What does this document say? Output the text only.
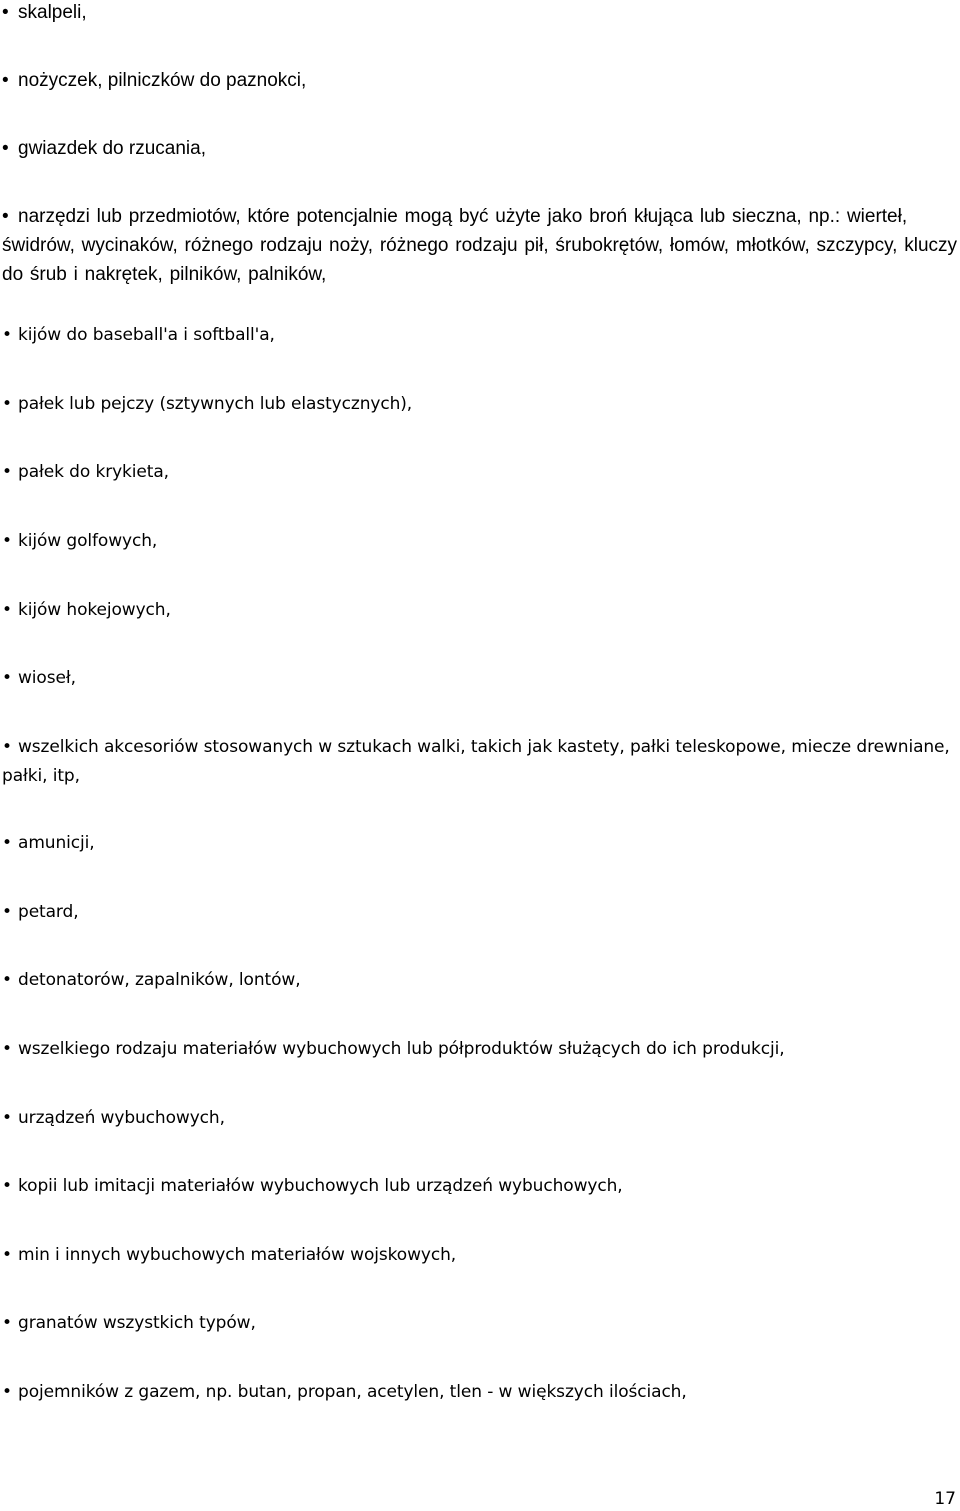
• skalpeli,
• nożyczek, pilniczków do paznokci,
• gwiazdek do rzucania,
• narzędzi lub przedmiotów, które potencjalnie mogą być użyte jako broń kłująca lub sieczna, np.: wierteł, świdrów, wycinaków, różnego rodzaju noży, różnego rodzaju pił, śrubokrętów, łomów, młotków, szczypcy, kluczy do śrub i nakrętek, pilników, palników,
• kijów do baseball'a i softball'a,
• pałek lub pejczy (sztywnych lub elastycznych),
• pałek do krykieta,
• kijów golfowych,
• kijów hokejowych,
• wioseł,
• wszelkich akcesoriów stosowanych w sztukach walki, takich jak kastety, pałki teleskopowe, miecze drewniane, pałki, itp,
• amunicji,
• petard,
• detonatorów, zapalników, lontów,
• wszelkiego rodzaju materiałów wybuchowych lub półproduktów służących do ich produkcji,
• urządzeń wybuchowych,
• kopii lub imitacji materiałów wybuchowych lub urządzeń wybuchowych,
• min i innych wybuchowych materiałów wojskowych,
• granatów wszystkich typów,
• pojemników z gazem, np. butan, propan, acetylen, tlen - w większych ilościach,
17
